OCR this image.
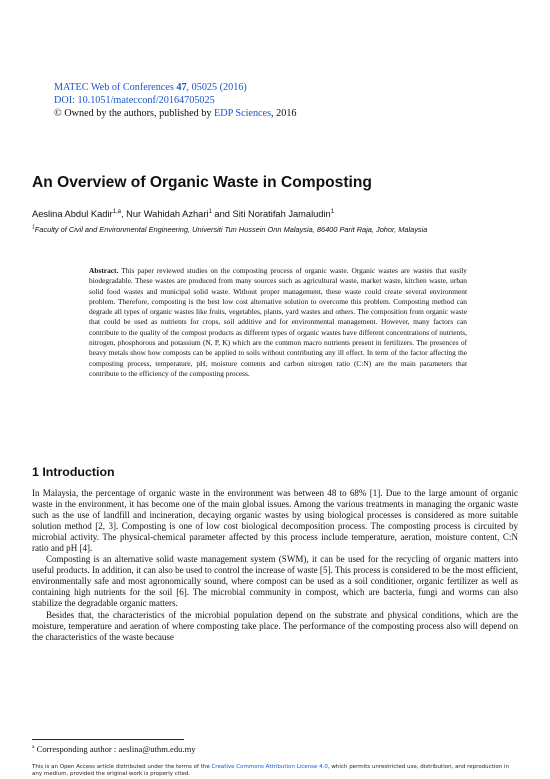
MATEC Web of Conferences 47, 05025 (2016)
DOI: 10.1051/matecconf/20164705025
© Owned by the authors, published by EDP Sciences, 2016
An Overview of Organic Waste in Composting
Aeslina Abdul Kadir$^{1,a}$, Nur Wahidah Azhari$^1$ and Siti Noratifah Jamaludin$^1$
$^1$Faculty of Civil and Environmental Engineering, Universiti Tun Hussein Onn Malaysia, 86400 Parit Raja, Johor, Malaysia
Abstract. This paper reviewed studies on the composting process of organic waste. Organic wastes are wastes that easily biodegradable. These wastes are produced from many sources such as agricultural waste, market waste, kitchen waste, urban solid food wastes and municipal solid waste. Without proper management, these waste could create several environment problem. Therefore, composting is the best low cost alternative solution to overcome this problem. Composting method can degrade all types of organic wastes like fruits, vegetables, plants, yard wastes and others. The composition from organic waste that could be used as nutrients for crops, soil additive and for environmental management. However, many factors can contribute to the quality of the compost products as different types of organic wastes have different concentrations of nutrients, nitrogen, phosphorous and potassium (N, P, K) which are the common macro nutrients present in fertilizers. The presences of heavy metals show how composts can be applied to soils without contributing any ill effect. In term of the factor affecting the composting process, temperature, pH, moisture contents and carbon nitrogen ratio (C:N) are the main parameters that contribute to the efficiency of the composting process.
1 Introduction

In Malaysia, the percentage of organic waste in the environment was between 48 to 68% [1]. Due to the large amount of organic waste in the environment, it has become one of the main global issues. Among the various treatments in managing the organic waste such as the use of landfill and incineration, decaying organic wastes by using biological processes is considered as more suitable solution method [2, 3]. Composting is one of low cost biological decomposition process. The composting process is circuited by microbial activity. The physical-chemical parameter affected by this process include temperature, aeration, moisture content, C:N ratio and pH [4].

Composting is an alternative solid waste management system (SWM), it can be used for the recycling of organic matters into useful products. In addition, it can also be used to control the increase of waste [5]. This process is considered to be the most efficient, environmentally safe and most agronomically sound, where compost can be used as a soil conditioner, organic fertilizer as well as containing high nutrients for the soil [6]. The microbial community in compost, which are bacteria, fungi and worms can also stabilize the degradable organic matters.

Besides that, the characteristics of the microbial population depend on the substrate and physical conditions, which are the moisture, temperature and aeration of where composting take place. The performance of the composting process also will depend on the characteristics of the waste because

$^a$ Corresponding author : aeslina@uthm.edu.my
This is an Open Access article distributed under the terms of the Creative Commons Attribution License 4.0, which permits unrestricted use, distribution, and reproduction in any medium, provided the original work is properly cited.
